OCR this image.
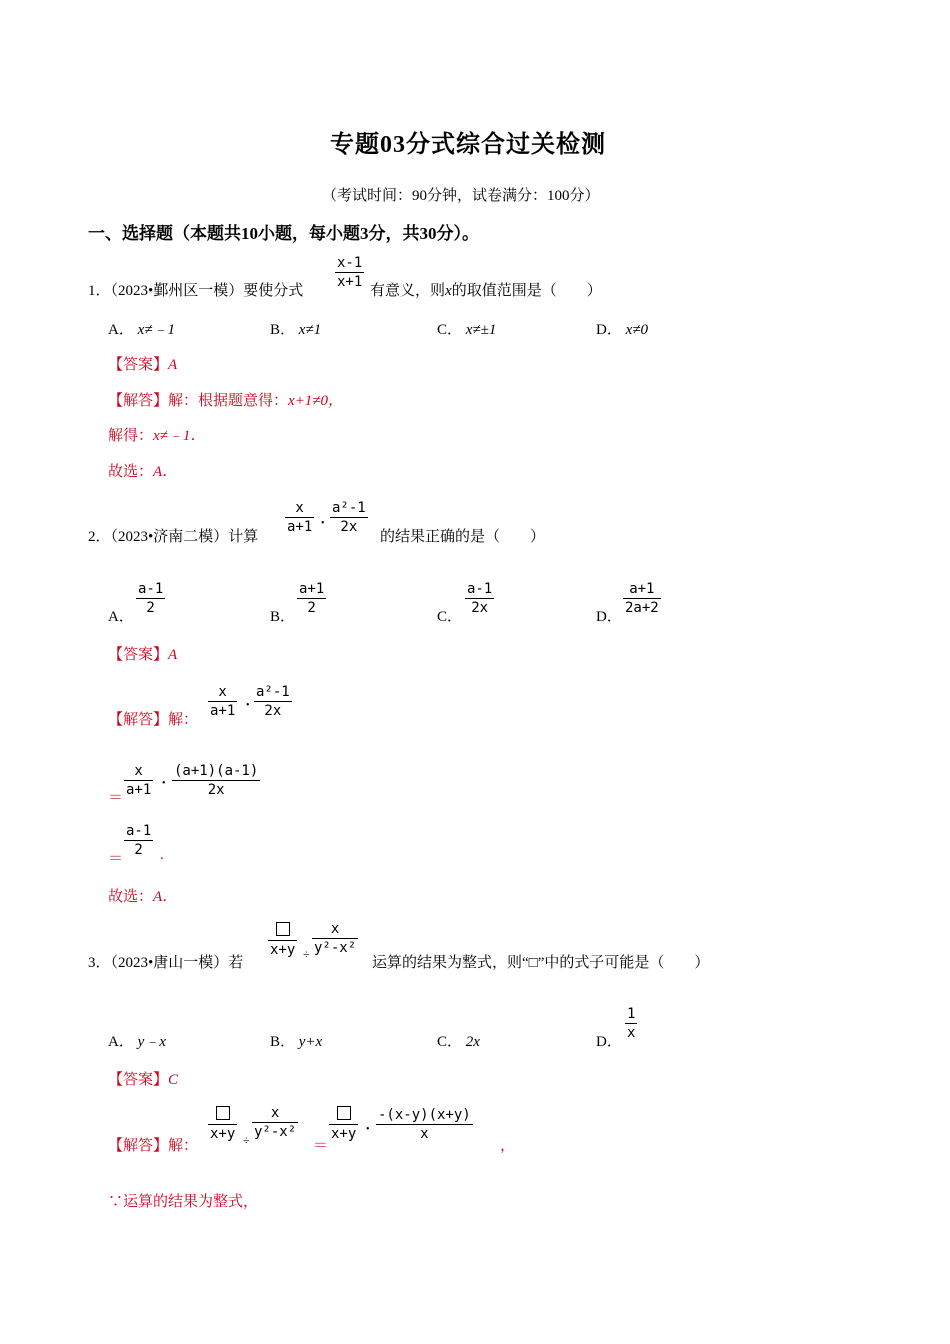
专题03分式综合过关检测
（考试时间：90分钟，试卷满分：100分）
一、选择题（本题共10小题，每小题3分，共30分）。
1．（2023•鄞州区一模）要使分式 $\frac{x-1}{x+1}$ 有意义，则x的取值范围是（　　）
A． x≠﹣1	B． x≠1	C． x≠±1	D． x≠0
【答案】A
【解答】解：根据题意得：x+1≠0，
解得：x≠﹣1．
故选：A．
2．（2023•济南二模）计算
$\frac{x}{a+1}$ • $\frac{\text{a²-1}}{2x}$
的结果正确的是（　　）
A． $\frac{a-1}{2}$	B． $\frac{a+1}{2}$	C． $\frac{a-1}{2x}$	D． $\frac{a+1}{2a+2}$
【答案】A
【解答】解： $\frac{x}{a+1}$ • $\frac{\text{a²-1}}{2x}$
＝ $\frac{x}{a+1}$ • $\frac{(a+1)(a-1)}{2x}$
＝ $\frac{a-1}{2}$ .
故选：A．
3．（2023•唐山一模）若
$x+y \div \frac{x}{\text{y²-x²}}$
运算的结果为整式，则“□”中的式子可能是（　　）
A． y﹣x	B． y+x	C． 2x	D． $\frac{1}{x}$
【答案】C
【解答】解：
$x+y \div \frac{x}{\text{y²-x²}}$
＝
x+y • $\frac{-(x-y)(x+y)}{x}$
，
∵运算的结果为整式，
